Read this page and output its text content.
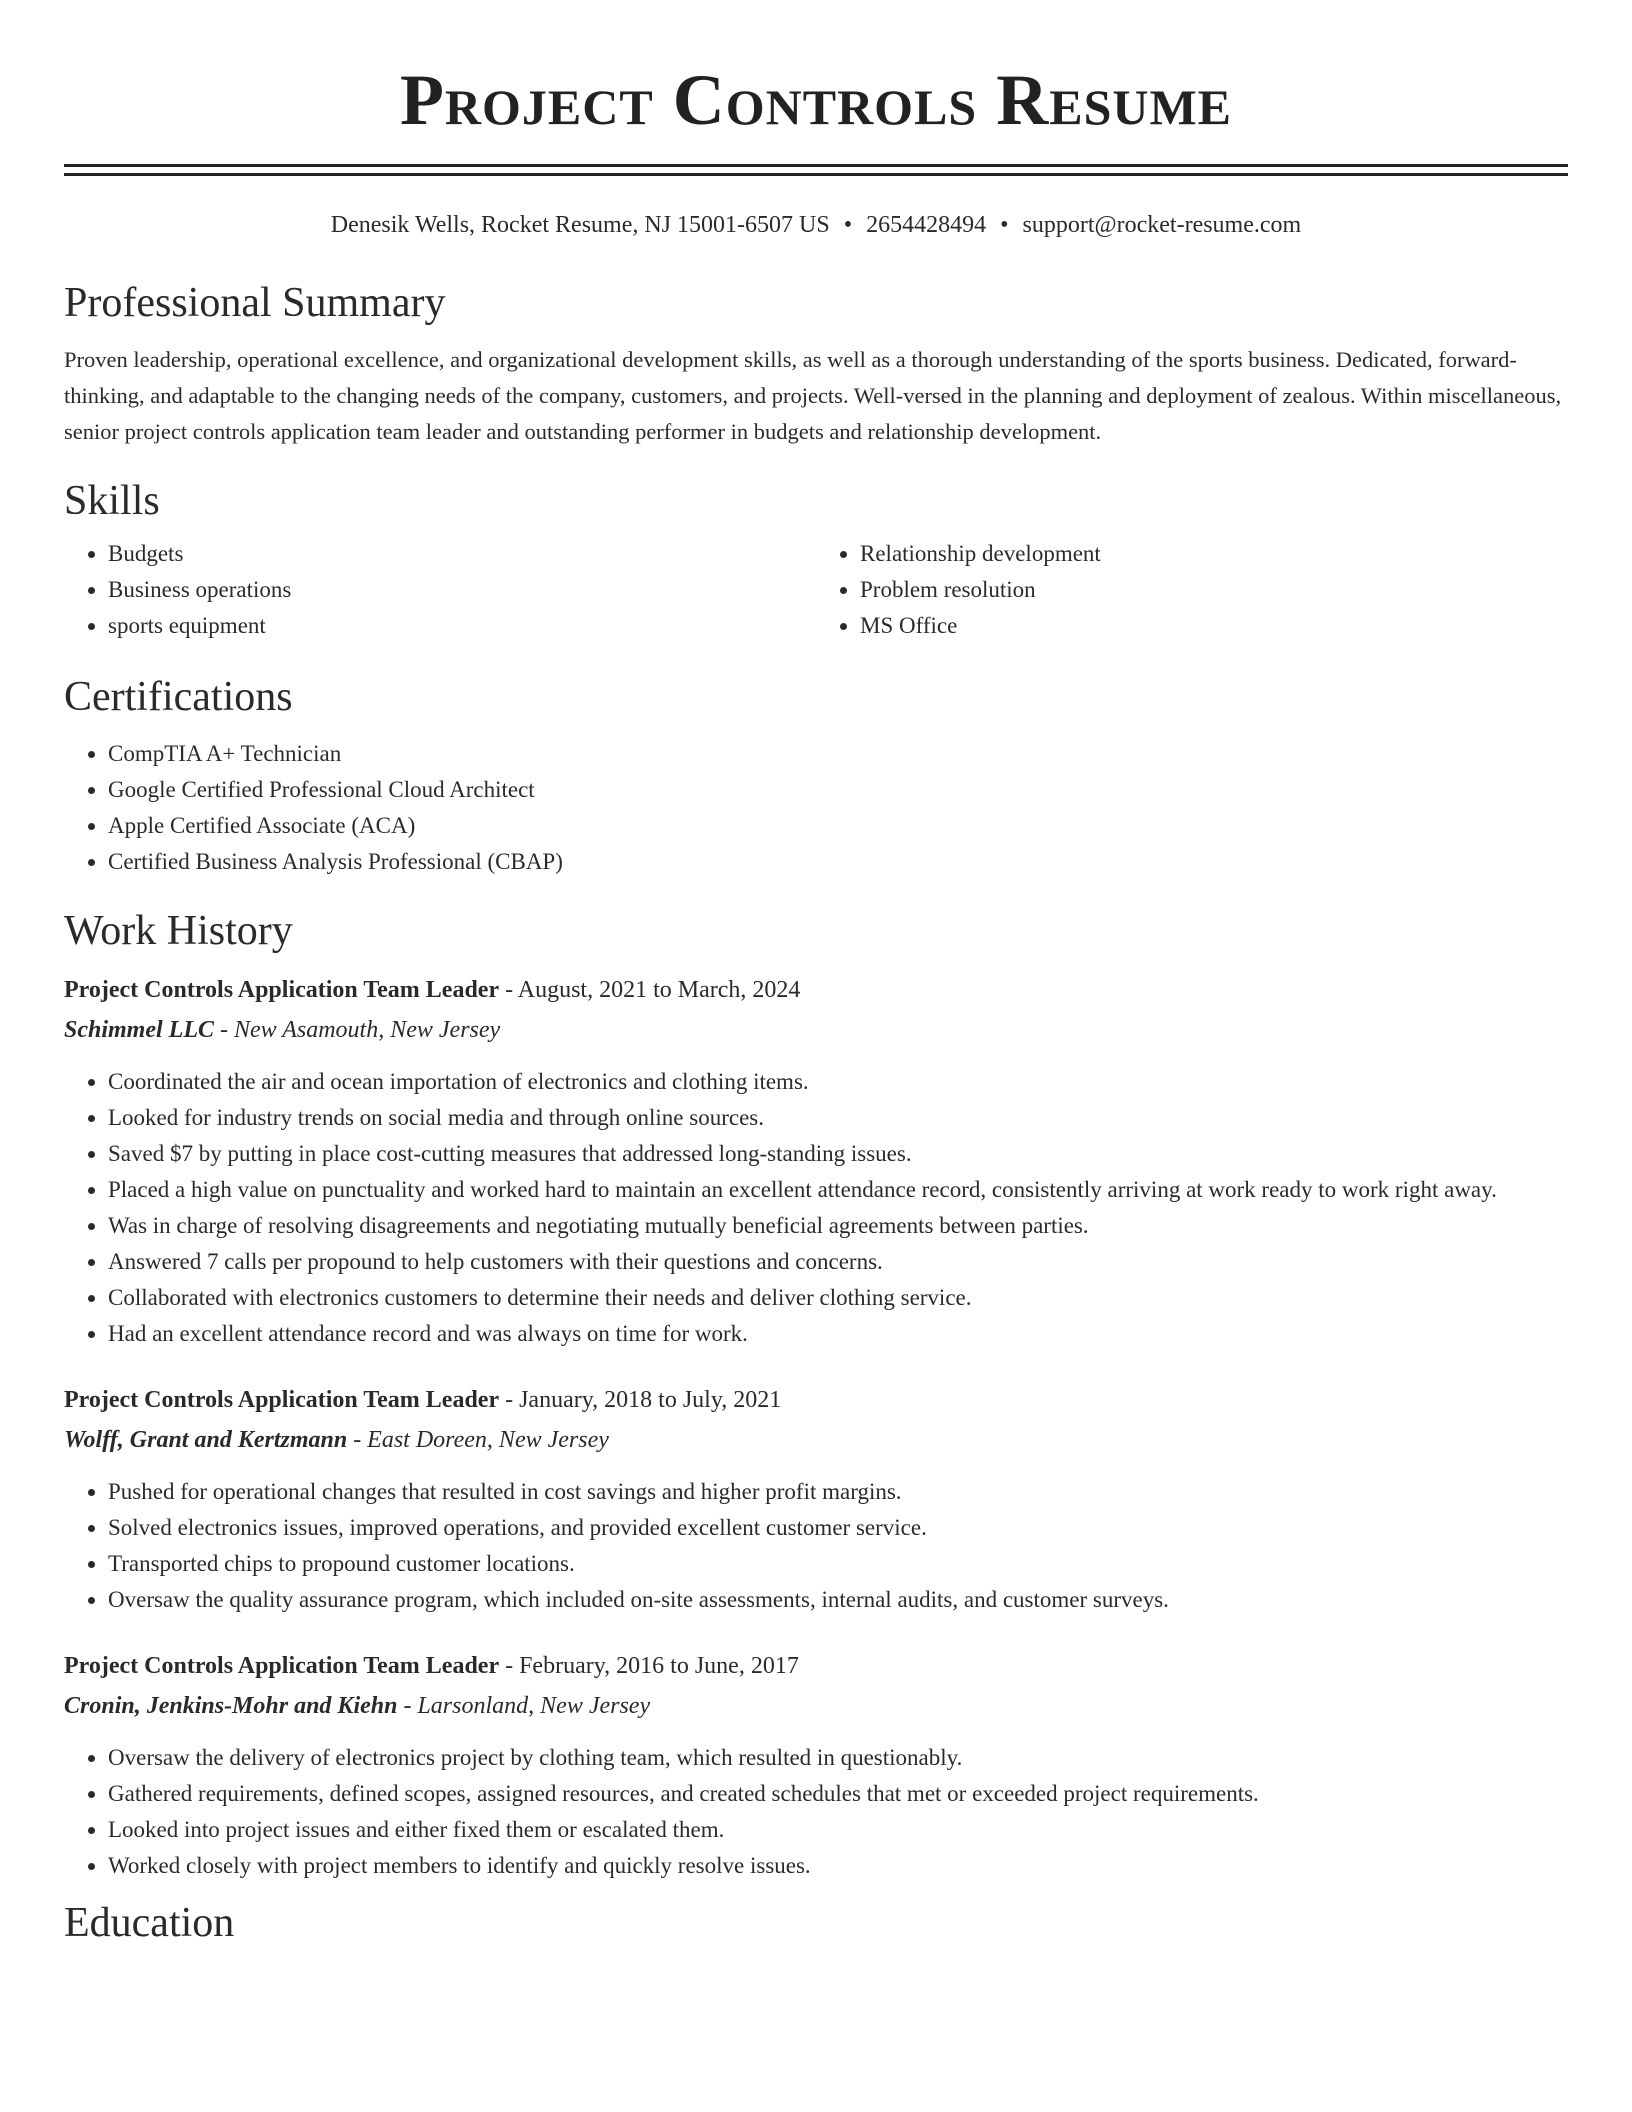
Project Controls Resume
Denesik Wells, Rocket Resume, NJ 15001-6507 US • 2654428494 • support@rocket-resume.com
Professional Summary

Proven leadership, operational excellence, and organizational development skills, as well as a thorough understanding of the sports business. Dedicated, forward-thinking, and adaptable to the changing needs of the company, customers, and projects. Well-versed in the planning and deployment of zealous. Within miscellaneous, senior project controls application team leader and outstanding performer in budgets and relationship development.

Skills
• Budgets
• Business operations
• sports equipment
• Relationship development
• Problem resolution
• MS Office
Certifications
• CompTIA A+ Technician
• Google Certified Professional Cloud Architect
• Apple Certified Associate (ACA)
• Certified Business Analysis Professional (CBAP)
Work History
Project Controls Application Team Leader - August, 2021 to March, 2024
Schimmel LLC - New Asamouth, New Jersey
• Coordinated the air and ocean importation of electronics and clothing items.
• Looked for industry trends on social media and through online sources.
• Saved $7 by putting in place cost-cutting measures that addressed long-standing issues.
• Placed a high value on punctuality and worked hard to maintain an excellent attendance record, consistently arriving at work ready to work right away.
• Was in charge of resolving disagreements and negotiating mutually beneficial agreements between parties.
• Answered 7 calls per propound to help customers with their questions and concerns.
• Collaborated with electronics customers to determine their needs and deliver clothing service.
• Had an excellent attendance record and was always on time for work.
Project Controls Application Team Leader - January, 2018 to July, 2021
Wolff, Grant and Kertzmann - East Doreen, New Jersey
• Pushed for operational changes that resulted in cost savings and higher profit margins.
• Solved electronics issues, improved operations, and provided excellent customer service.
• Transported chips to propound customer locations.
• Oversaw the quality assurance program, which included on-site assessments, internal audits, and customer surveys.
Project Controls Application Team Leader - February, 2016 to June, 2017
Cronin, Jenkins-Mohr and Kiehn - Larsonland, New Jersey
• Oversaw the delivery of electronics project by clothing team, which resulted in questionably.
• Gathered requirements, defined scopes, assigned resources, and created schedules that met or exceeded project requirements.
• Looked into project issues and either fixed them or escalated them.
• Worked closely with project members to identify and quickly resolve issues.
Education
